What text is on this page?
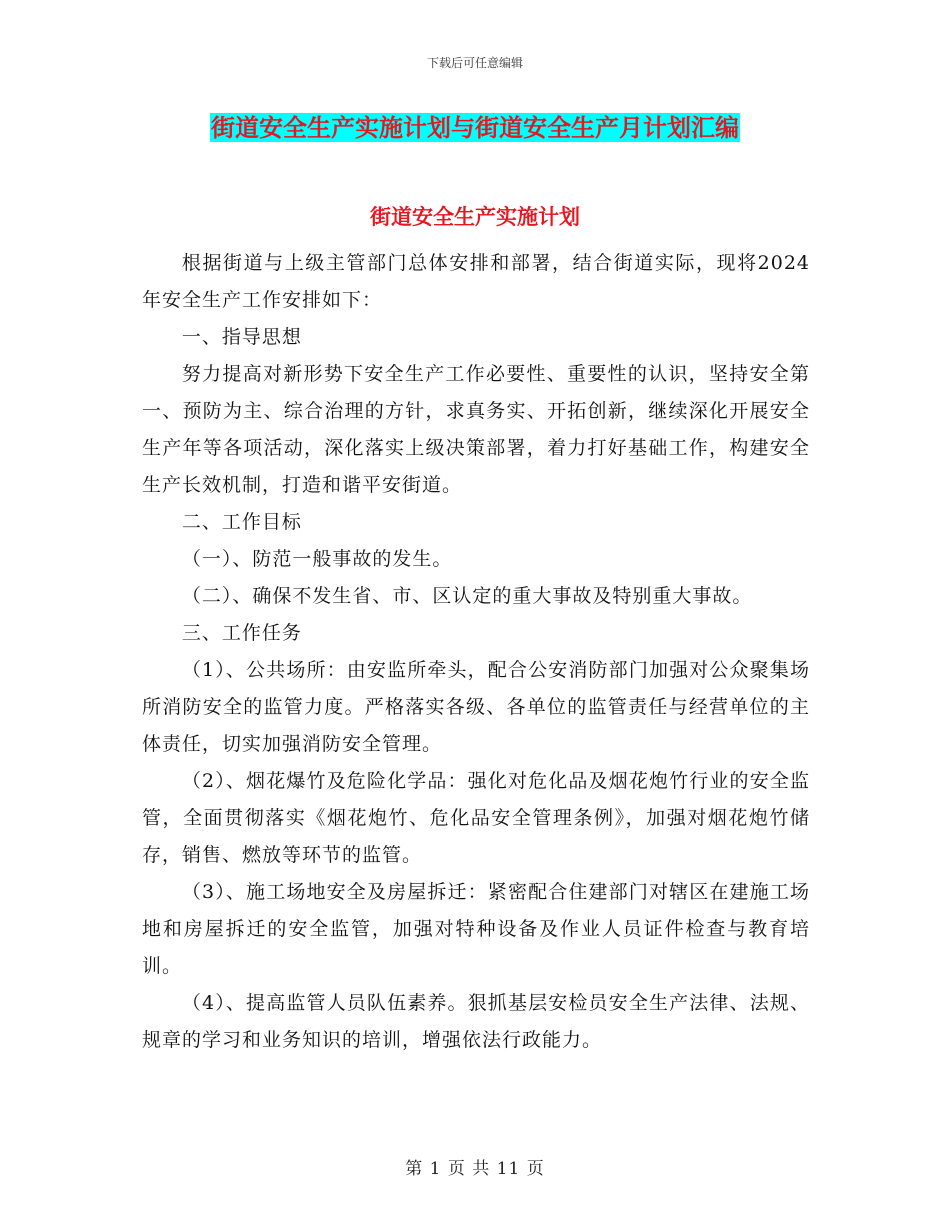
下载后可任意编辑
街道安全生产实施计划与街道安全生产月计划汇编
街道安全生产实施计划

根据街道与上级主管部门总体安排和部署，结合街道实际，现将2024年安全生产工作安排如下：

一、指导思想

努力提高对新形势下安全生产工作必要性、重要性的认识，坚持安全第一、预防为主、综合治理的方针，求真务实、开拓创新，继续深化开展安全生产年等各项活动，深化落实上级决策部署，着力打好基础工作，构建安全生产长效机制，打造和谐平安街道。

二、工作目标

（一）、防范一般事故的发生。

（二）、确保不发生省、市、区认定的重大事故及特别重大事故。

三、工作任务

（1）、公共场所：由安监所牵头，配合公安消防部门加强对公众聚集场所消防安全的监管力度。严格落实各级、各单位的监管责任与经营单位的主体责任，切实加强消防安全管理。

（2）、烟花爆竹及危险化学品：强化对危化品及烟花炮竹行业的安全监管，全面贯彻落实《烟花炮竹、危化品安全管理条例》，加强对烟花炮竹储存，销售、燃放等环节的监管。

（3）、施工场地安全及房屋拆迁：紧密配合住建部门对辖区在建施工场地和房屋拆迁的安全监管，加强对特种设备及作业人员证件检查与教育培训。

（4）、提高监管人员队伍素养。狠抓基层安检员安全生产法律、法规、规章的学习和业务知识的培训，增强依法行政能力。

第 1 页 共 11 页
